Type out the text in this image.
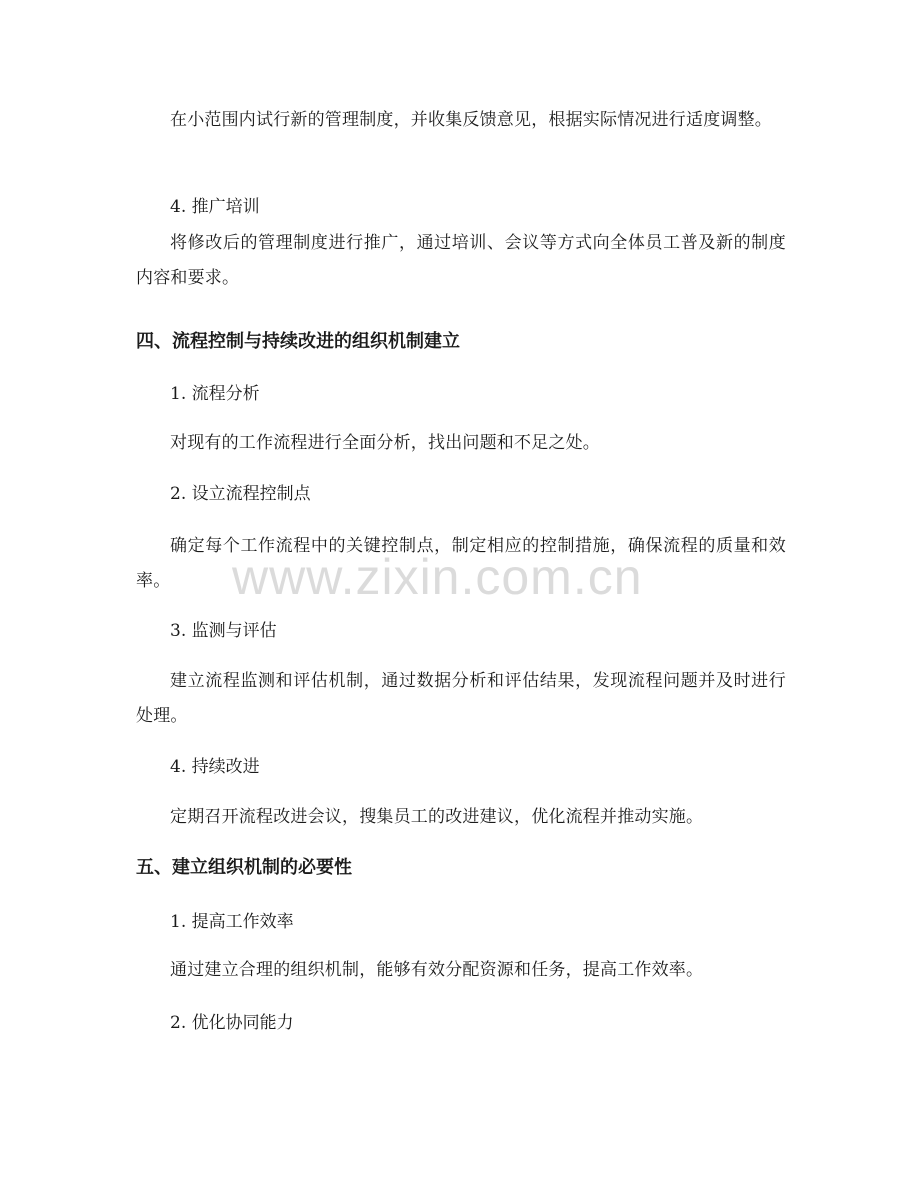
在小范围内试行新的管理制度，并收集反馈意见，根据实际情况进行适度调整。

4. 推广培训

将修改后的管理制度进行推广，通过培训、会议等方式向全体员工普及新的制度内容和要求。

四、流程控制与持续改进的组织机制建立

1. 流程分析

对现有的工作流程进行全面分析，找出问题和不足之处。

2. 设立流程控制点

确定每个工作流程中的关键控制点，制定相应的控制措施，确保流程的质量和效率。

3. 监测与评估

建立流程监测和评估机制，通过数据分析和评估结果，发现流程问题并及时进行处理。

4. 持续改进

定期召开流程改进会议，搜集员工的改进建议，优化流程并推动实施。

五、建立组织机制的必要性

1. 提高工作效率

通过建立合理的组织机制，能够有效分配资源和任务，提高工作效率。

2. 优化协同能力

www.zixin.com.cn
